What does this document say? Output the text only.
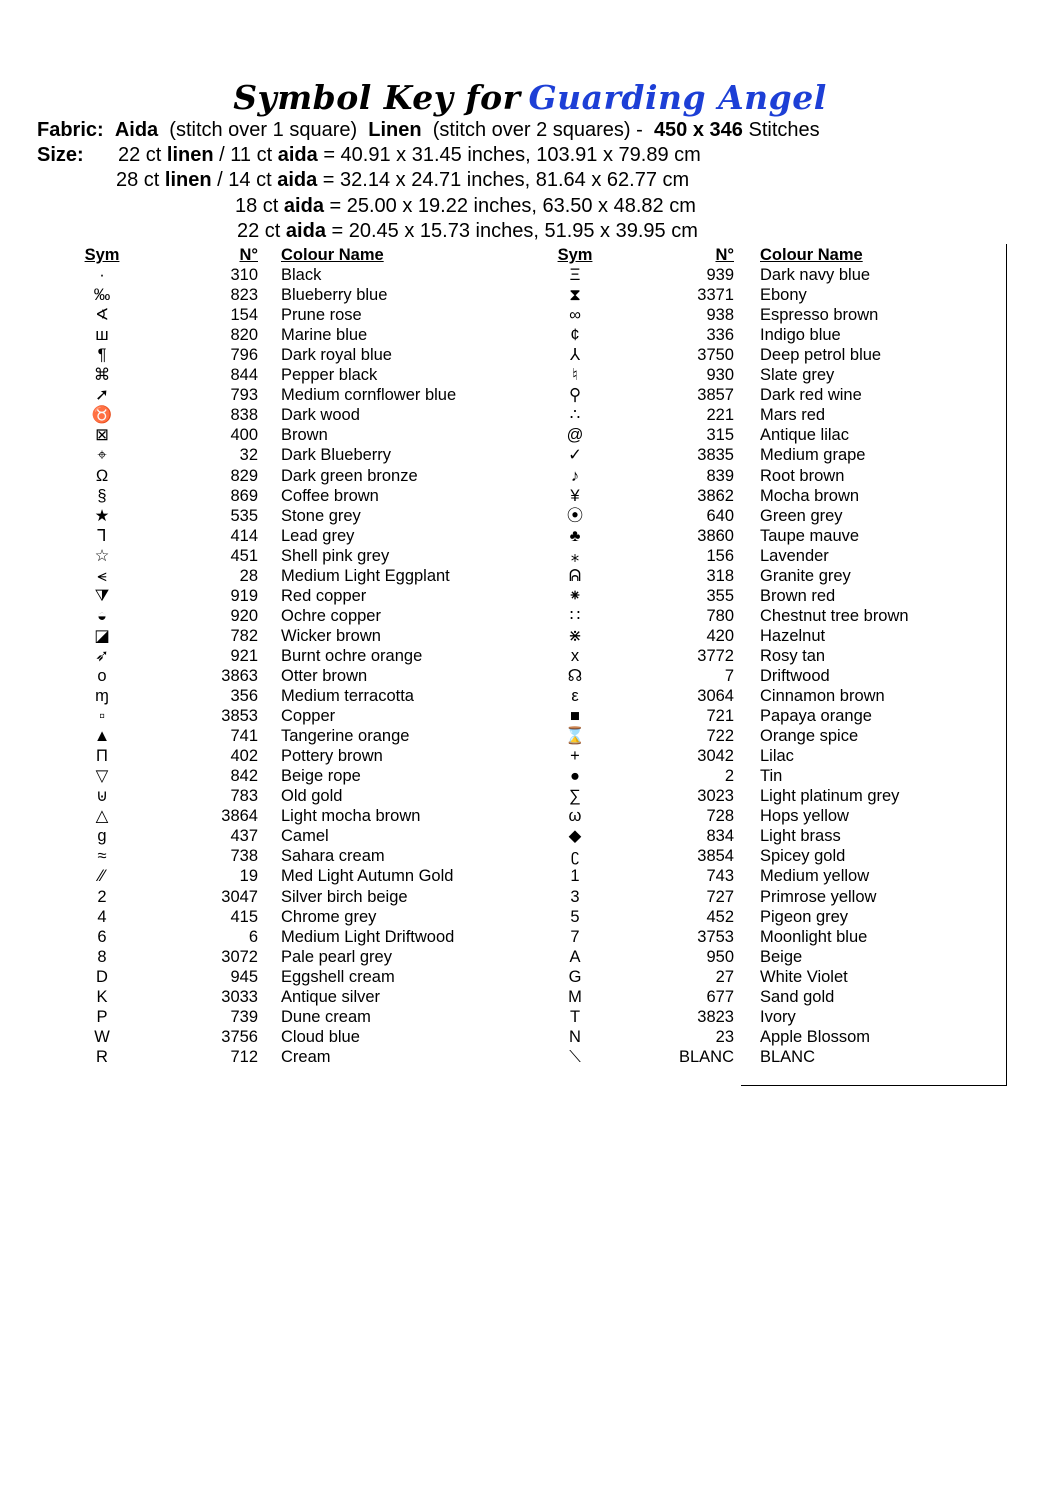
Symbol Key for Guarding Angel
Fabric: Aida (stitch over 1 square) Linen (stitch over 2 squares) - 450 x 346 Stitches
Size: 22 ct linen / 11 ct aida = 40.91 x 31.45 inches, 103.91 x 79.89 cm
28 ct linen / 14 ct aida = 32.14 x 24.71 inches, 81.64 x 62.77 cm
18 ct aida = 25.00 x 19.22 inches, 63.50 x 48.82 cm
22 ct aida = 20.45 x 15.73 inches, 51.95 x 39.95 cm
Sym	N° Colour Name
·	310 Black
‰	823 Blueberry blue
∢	154 Prune rose
ш	820 Marine blue
¶	796 Dark royal blue
⌘	844 Pepper black
➚	793 Medium cornflower blue
♉	838 Dark wood
⊠	400 Brown
⌖	32 Dark Blueberry
Ω	829 Dark green bronze
§	869 Coffee brown
★	535 Stone grey
⅂	414 Lead grey
☆	451 Shell pink grey
⪪	28 Medium Light Eggplant
⧩	919 Red copper
◒	920 Ochre copper
◪	782 Wicker brown
➶	921 Burnt ochre orange
o	3863 Otter brown
ɱ	356 Medium terracotta
▫	3853 Copper
▲	741 Tangerine orange
Π	402 Pottery brown
▽	842 Beige rope
⊍	783 Old gold
△	3864 Light mocha brown
g	437 Camel
≈	738 Sahara cream
⁄⁄	19 Med Light Autumn Gold
2	3047 Silver birch beige
4	415 Chrome grey
6	6 Medium Light Driftwood
8	3072 Pale pearl grey
D	945 Eggshell cream
K	3033 Antique silver
P	739 Dune cream
W	3756 Cloud blue
R	712 Cream
Sym	N° Colour Name
Ξ	939 Dark navy blue
⧗	3371 Ebony
∞	938 Espresso brown
¢	336 Indigo blue
⅄	3750 Deep petrol blue
♮	930 Slate grey
⚲	3857 Dark red wine
∴	221 Mars red
@	315 Antique lilac
✓	3835 Medium grape
♪	839 Root brown
¥	3862 Mocha brown
⦿	640 Green grey
♣	3860 Taupe mauve
⁎	156 Lavender
ᕱ	318 Granite grey
⁕	355 Brown red
∷	780 Chestnut tree brown
⋇	420 Hazelnut
x	3772 Rosy tan
☊	7 Driftwood
ε	3064 Cinnamon brown
■	721 Papaya orange
⌛	722 Orange spice
+	3042 Lilac
●	2 Tin
∑	3023 Light platinum grey
ω	728 Hops yellow
◆	834 Light brass
ʗ	3854 Spicey gold
1	743 Medium yellow
3	727 Primrose yellow
5	452 Pigeon grey
7	3753 Moonlight blue
A	950 Beige
G	27 White Violet
M	677 Sand gold
T	3823 Ivory
N	23 Apple Blossom
⟍	BLANC BLANC
